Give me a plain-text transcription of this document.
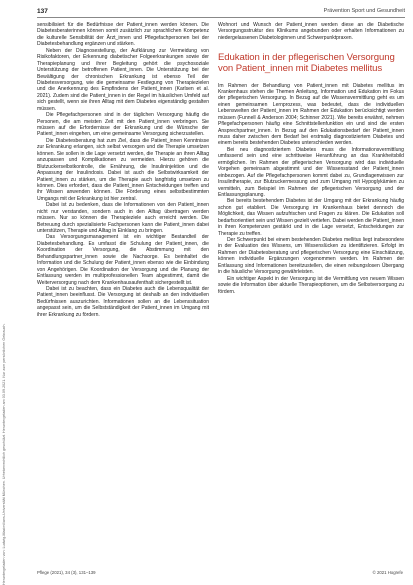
Heruntergeladen von: Ludwig-Maximilians-Universität München. Urheberrechtlich geschützt. Heruntergeladen am 03.09.2021. Nur zum persönlichen Gebrauch.
137	Prävention Sport und Gesundheit

sensibilisiert für die Bedürfnisse der Patient_innen werden können. Die Diabetesberaterinnen können somit zusätzlich zur sprachlichen Kompetenz die kulturelle Sensibilität der Ärzt_innen und Pflegefachpersonen bei der Diabetesbehandlung ergänzen und stärken.

Neben der Diagnosestellung, der Aufklärung zur Vermeidung von Risikofaktoren, der Erkennung diabetischer Folgeerkrankungen sowie der Therapieplanung und ihrer Begleitung gehört die psychosoziale Unterstützung der betroffenen Patient_innen. Die Unterstützung bei der Bewältigung der chronischen Erkrankung ist ebenso Teil der Diabetesversorgung, wie die gemeinsame Festlegung von Therapiezielen und die Anerkennung des Empfindens der Patient_innen (Karlsen et al. 2021). Zudem sind die Patient_innen in der Regel im häuslichen Umfeld auf sich gestellt, wenn sie ihren Alltag mit dem Diabetes eigenständig gestalten müssen.

Die Pflegefachpersonen sind in der täglichen Versorgung häufig die Personen, die am meisten Zeit mit den Patient_innen verbringen. Sie müssen auf die Erfordernisse der Erkrankung und die Wünsche der Patient_innen eingehen, um eine gemeinsame Versorgung sicherzustellen.

Die Diabetesberatung hat zum Ziel, dass die Patient_innen Kenntnisse zur Erkrankung erlangen, sich selbst versorgen und die Therapie umsetzen können. Sie sollen in die Lage versetzt werden, die Therapie an ihren Alltag anzupassen und Komplikationen zu vermeiden. Hierzu gehören die Blutzuckerselbstkontrolle, die Ernährung, die Insulininjektion und die Anpassung der Insulindosis. Dabei ist auch die Selbstwirksamkeit der Patient_innen zu stärken, um die Therapie auch langfristig umsetzen zu können. Dies erfordert, dass die Patient_innen Entscheidungen treffen und ihr Wissen anwenden können. Die Förderung eines selbstbestimmten Umgangs mit der Erkrankung ist hier zentral.

Dabei ist zu bedenken, dass die Informationen von den Patient_innen nicht nur verstanden, sondern auch in den Alltag übertragen werden müssen. Nur so können die Therapieziele auch erreicht werden. Die Betreuung durch spezialisierte Fachpersonen kann die Patient_innen dabei unterstützen, Therapie und Alltag in Einklang zu bringen.

Das Versorgungsmanagement ist ein wichtiger Bestandteil der Diabetesbehandlung. Es umfasst die Schulung der Patient_innen, die Koordination der Versorgung, die Abstimmung mit den Behandlungspartner_innen sowie die Nachsorge. Es beinhaltet die Information und die Schulung der Patient_innen ebenso wie die Einbindung von Angehörigen. Die Koordination der Versorgung und die Planung der Entlassung werden im multiprofessionellen Team abgestimmt, damit die Weiterversorgung nach dem Krankenhausaufenthalt sichergestellt ist.

Dabei ist zu beachten, dass ein Diabetes auch die Lebensqualität der Patient_innen beeinflusst. Die Versorgung ist deshalb an den individuellen Bedürfnissen auszurichten. Informationen sollen an die Lebenssituation angepasst sein, um die Selbstständigkeit der Patient_innen im Umgang mit ihrer Erkrankung zu fördern.

Wohnort und Wunsch der Patient_innen werden diese an die Diabetische Versorgungsstruktur des Klinikums angebunden oder erhalten Informationen zu niedergelassenen Diabetologinnen und Schwerpunktpraxen.

Edukation in der pflegerischen Versorgung von Patient_innen mit Diabetes mellitus

Im Rahmen der Behandlung von Patient_innen mit Diabetes mellitus im Krankenhaus stehen die Themen Anleitung, Information und Edukation im Fokus der pflegerischen Versorgung. In Bezug auf die Wissensvermittlung geht es um einen gemeinsamen Lernprozess, was bedeutet, dass die individuellen Lebenswelten der Patient_innen im Rahmen der Edukation berücksichtigt werden müssen (Funnell & Anderson 2004; Schinner 2021). Wie bereits erwähnt, nehmen Pflegefachpersonen häufig eine Schnittstellenfunktion ein und sind die ersten Ansprechpartner_innen. In Bezug auf den Edukationsbedarf der Patient_innen muss daher zwischen dem Bedarf bei erstmalig diagnostiziertem Diabetes und einem bereits bestehenden Diabetes unterschieden werden.

Bei neu diagnostiziertem Diabetes muss die Informationsvermittlung umfassend sein und eine schrittweise Heranführung an das Krankheitsbild ermöglichen. Im Rahmen der pflegerischen Versorgung wird das individuelle Vorgehen gemeinsam abgestimmt und der Wissensstand der Patient_innen einbezogen. Auf die Pflegefachpersonen kommt dabei zu, Grundlagenwissen zur Insulintherapie, zur Blutzuckermessung und zum Umgang mit Hypoglykämien zu vermitteln, zum Beispiel im Rahmen der pflegerischen Versorgung und der Entlassungsplanung.

Bei bereits bestehendem Diabetes ist der Umgang mit der Erkrankung häufig schon gut etabliert. Die Versorgung im Krankenhaus bietet dennoch die Möglichkeit, das Wissen aufzufrischen und Fragen zu klären. Die Edukation soll bedarfsorientiert sein und Wissen gezielt vertiefen. Dabei werden die Patient_innen in ihren Kompetenzen gestärkt und in die Lage versetzt, Entscheidungen zur Therapie zu treffen.

Der Schwerpunkt bei einem bestehenden Diabetes mellitus liegt insbesondere in der Evaluation des Wissens, um Wissenslücken zu identifizieren. Erfolgt im Rahmen der Diabetesberatung und pflegerischen Versorgung eine Einschätzung, können individuelle Ergänzungen vorgenommen werden. Im Rahmen der Entlassung sind Informationen bereitzustellen, die einen reibungslosen Übergang in die häusliche Versorgung gewährleisten.

Ein wichtiger Aspekt in der Versorgung ist die Vermittlung von neuem Wissen sowie die Information über aktuelle Therapieoptionen, um die Selbstversorgung zu fördern.

Pflege (2021), 34 (3), 131–139	© 2021 Hogrefe
